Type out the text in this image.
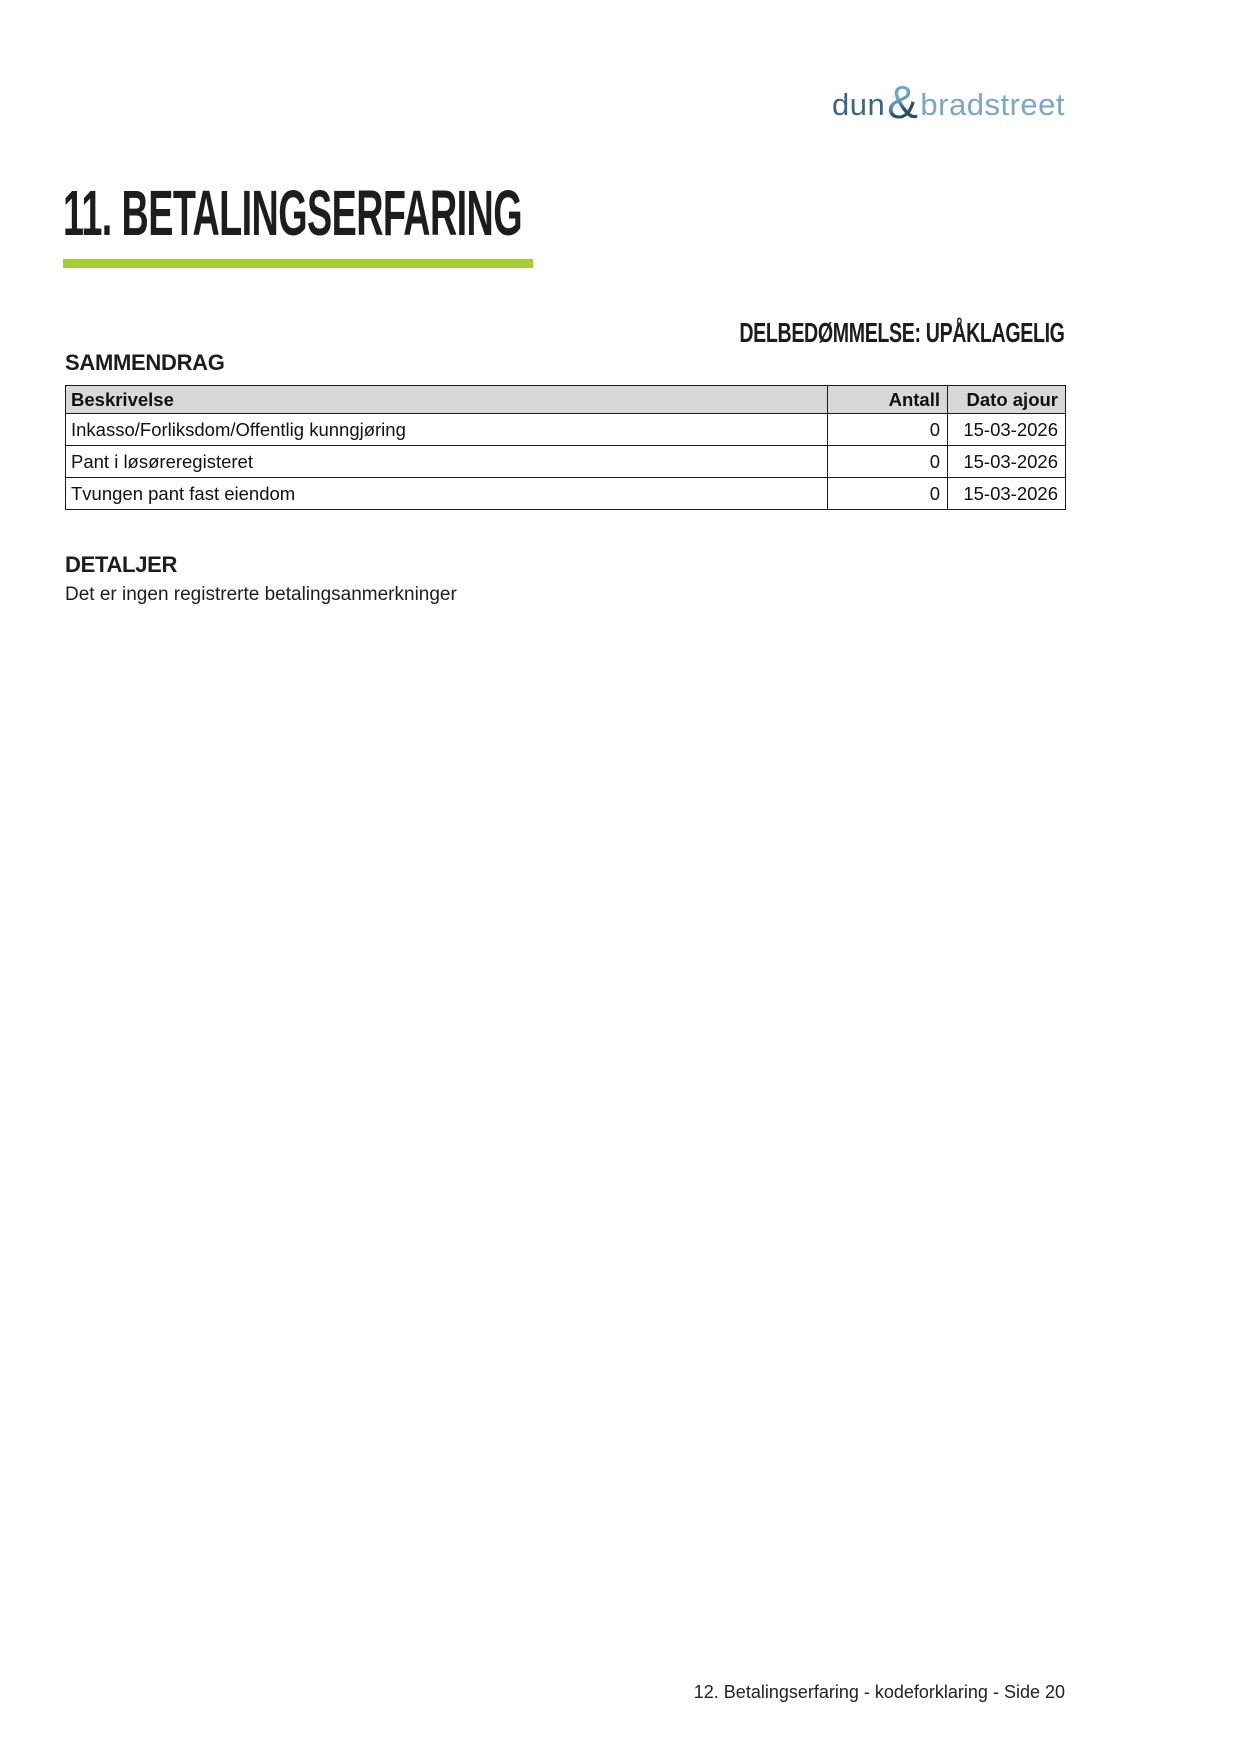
dun & bradstreet
11. BETALINGSERFARING
DELBEDØMMELSE: UPÅKLAGELIG
SAMMENDRAG
Beskrivelse	Antall	Dato ajour
Inkasso/Forliksdom/Offentlig kunngjøring	0	15-03-2026
Pant i løsøreregisteret	0	15-03-2026
Tvungen pant fast eiendom	0	15-03-2026
DETALJER

Det er ingen registrerte betalingsanmerkninger

12. Betalingserfaring - kodeforklaring - Side 20
